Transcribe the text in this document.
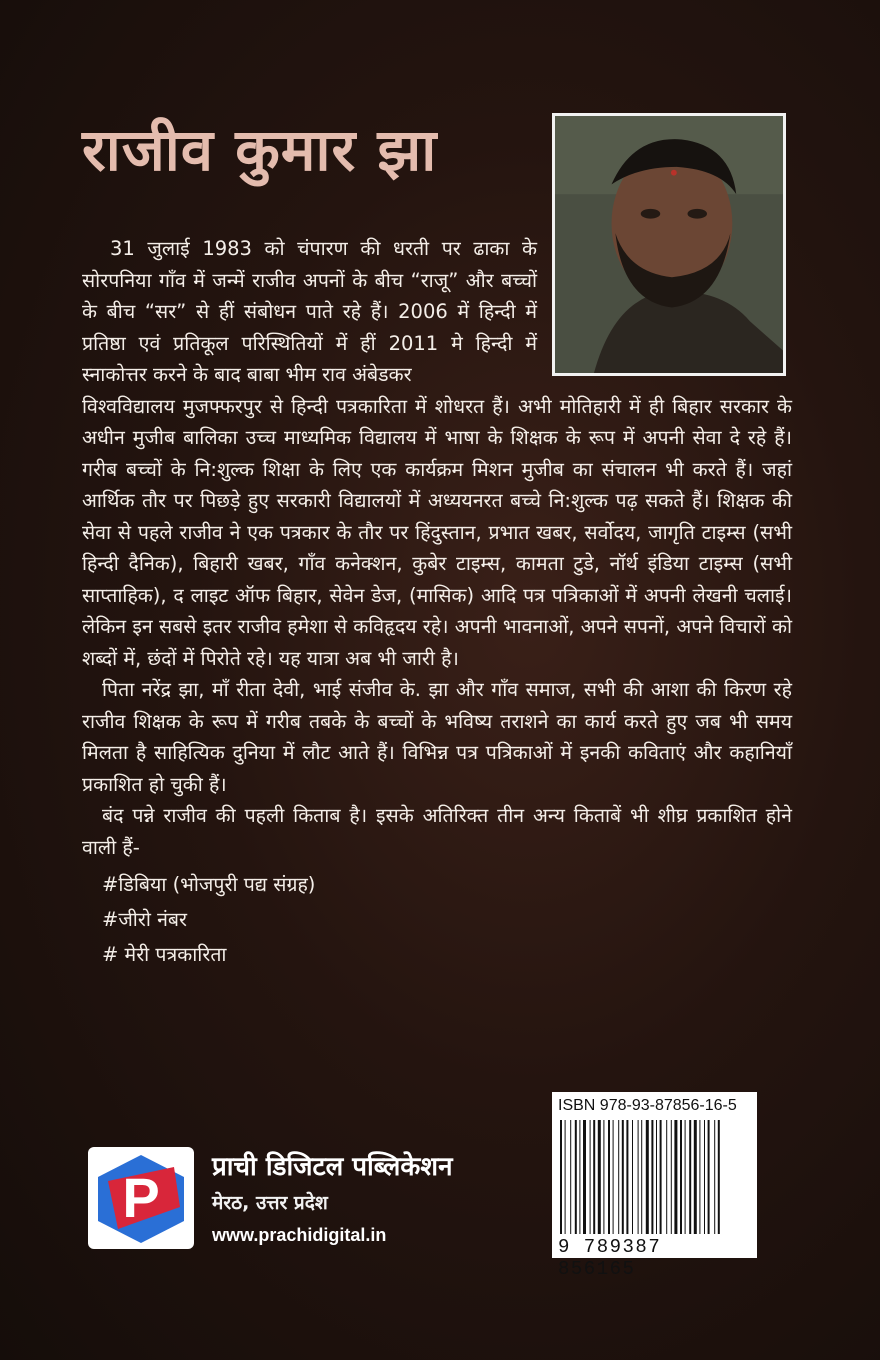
राजीव कुमार झा

31 जुलाई 1983 को चंपारण की धरती पर ढाका के सोरपनिया गाँव में जन्में राजीव अपनों के बीच “राजू” और बच्चों के बीच “सर” से हीं संबोधन पाते रहे हैं। 2006 में हिन्दी में प्रतिष्ठा एवं प्रतिकूल परिस्थितियों में हीं 2011 मे हिन्दी में स्नाकोत्तर करने के बाद बाबा भीम राव अंबेडकर

विश्वविद्यालय मुजफ्फरपुर से हिन्दी पत्रकारिता में शोधरत हैं। अभी मोतिहारी में ही बिहार सरकार के अधीन मुजीब बालिका उच्च माध्यमिक विद्यालय में भाषा के शिक्षक के रूप में अपनी सेवा दे रहे हैं। गरीब बच्चों के नि:शुल्क शिक्षा के लिए एक कार्यक्रम मिशन मुजीब का संचालन भी करते हैं। जहां आर्थिक तौर पर पिछड़े हुए सरकारी विद्यालयों में अध्ययनरत बच्चे नि:शुल्क पढ़ सकते हैं। शिक्षक की सेवा से पहले राजीव ने एक पत्रकार के तौर पर हिंदुस्तान, प्रभात खबर, सर्वोदय, जागृति टाइम्स (सभी हिन्दी दैनिक), बिहारी खबर, गाँव कनेक्शन, कुबेर टाइम्स, कामता टुडे, नॉर्थ इंडिया टाइम्स (सभी साप्ताहिक), द लाइट ऑफ बिहार, सेवेन डेज, (मासिक) आदि पत्र पत्रिकाओं में अपनी लेखनी चलाई। लेकिन इन सबसे इतर राजीव हमेशा से कविहृदय रहे। अपनी भावनाओं, अपने सपनों, अपने विचारों को शब्दों में, छंदों में पिरोते रहे। यह यात्रा अब भी जारी है।

पिता नरेंद्र झा, माँ रीता देवी, भाई संजीव के. झा और गाँव समाज, सभी की आशा की किरण रहे राजीव शिक्षक के रूप में गरीब तबके के बच्चों के भविष्य तराशने का कार्य करते हुए जब भी समय मिलता है साहित्यिक दुनिया में लौट आते हैं। विभिन्न पत्र पत्रिकाओं में इनकी कविताएं और कहानियाँ प्रकाशित हो चुकी हैं।

बंद पन्ने राजीव की पहली किताब है। इसके अतिरिक्त तीन अन्य किताबें भी शीघ्र प्रकाशित होने वाली हैं-

#डिबिया (भोजपुरी पद्य संग्रह)
#जीरो नंबर
# मेरी पत्रकारिता
ISBN 978-93-87856-16-5
9 789387 856165
P प्राची डिजिटल पब्लिकेशन
मेरठ, उत्तर प्रदेश
www.prachidigital.in
